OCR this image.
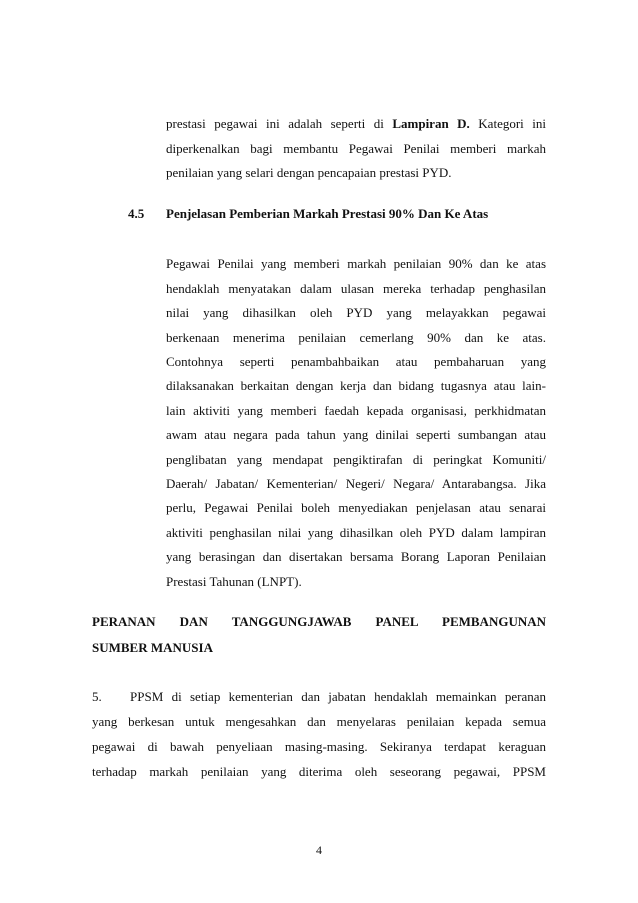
prestasi pegawai ini adalah seperti di Lampiran D. Kategori ini
diperkenalkan bagi membantu Pegawai Penilai memberi markah
penilaian yang selari dengan pencapaian prestasi PYD.
4.5 Penjelasan Pemberian Markah Prestasi 90% Dan Ke Atas
Pegawai Penilai yang memberi markah penilaian 90% dan ke atas
hendaklah menyatakan dalam ulasan mereka terhadap penghasilan
nilai yang dihasilkan oleh PYD yang melayakkan pegawai
berkenaan menerima penilaian cemerlang 90% dan ke atas.
Contohnya seperti penambahbaikan atau pembaharuan yang
dilaksanakan berkaitan dengan kerja dan bidang tugasnya atau lain-
lain aktiviti yang memberi faedah kepada organisasi, perkhidmatan
awam atau negara pada tahun yang dinilai seperti sumbangan atau
penglibatan yang mendapat pengiktirafan di peringkat Komuniti/
Daerah/ Jabatan/ Kementerian/ Negeri/ Negara/ Antarabangsa. Jika
perlu, Pegawai Penilai boleh menyediakan penjelasan atau senarai
aktiviti penghasilan nilai yang dihasilkan oleh PYD dalam lampiran
yang berasingan dan disertakan bersama Borang Laporan Penilaian
Prestasi Tahunan (LNPT).
PERANAN DAN TANGGUNGJAWAB PANEL PEMBANGUNAN
SUMBER MANUSIA
5.	PPSM di setiap kementerian dan jabatan hendaklah memainkan peranan
yang berkesan untuk mengesahkan dan menyelaras penilaian kepada semua
pegawai di bawah penyeliaan masing-masing. Sekiranya terdapat keraguan
terhadap markah penilaian yang diterima oleh seseorang pegawai, PPSM
4
